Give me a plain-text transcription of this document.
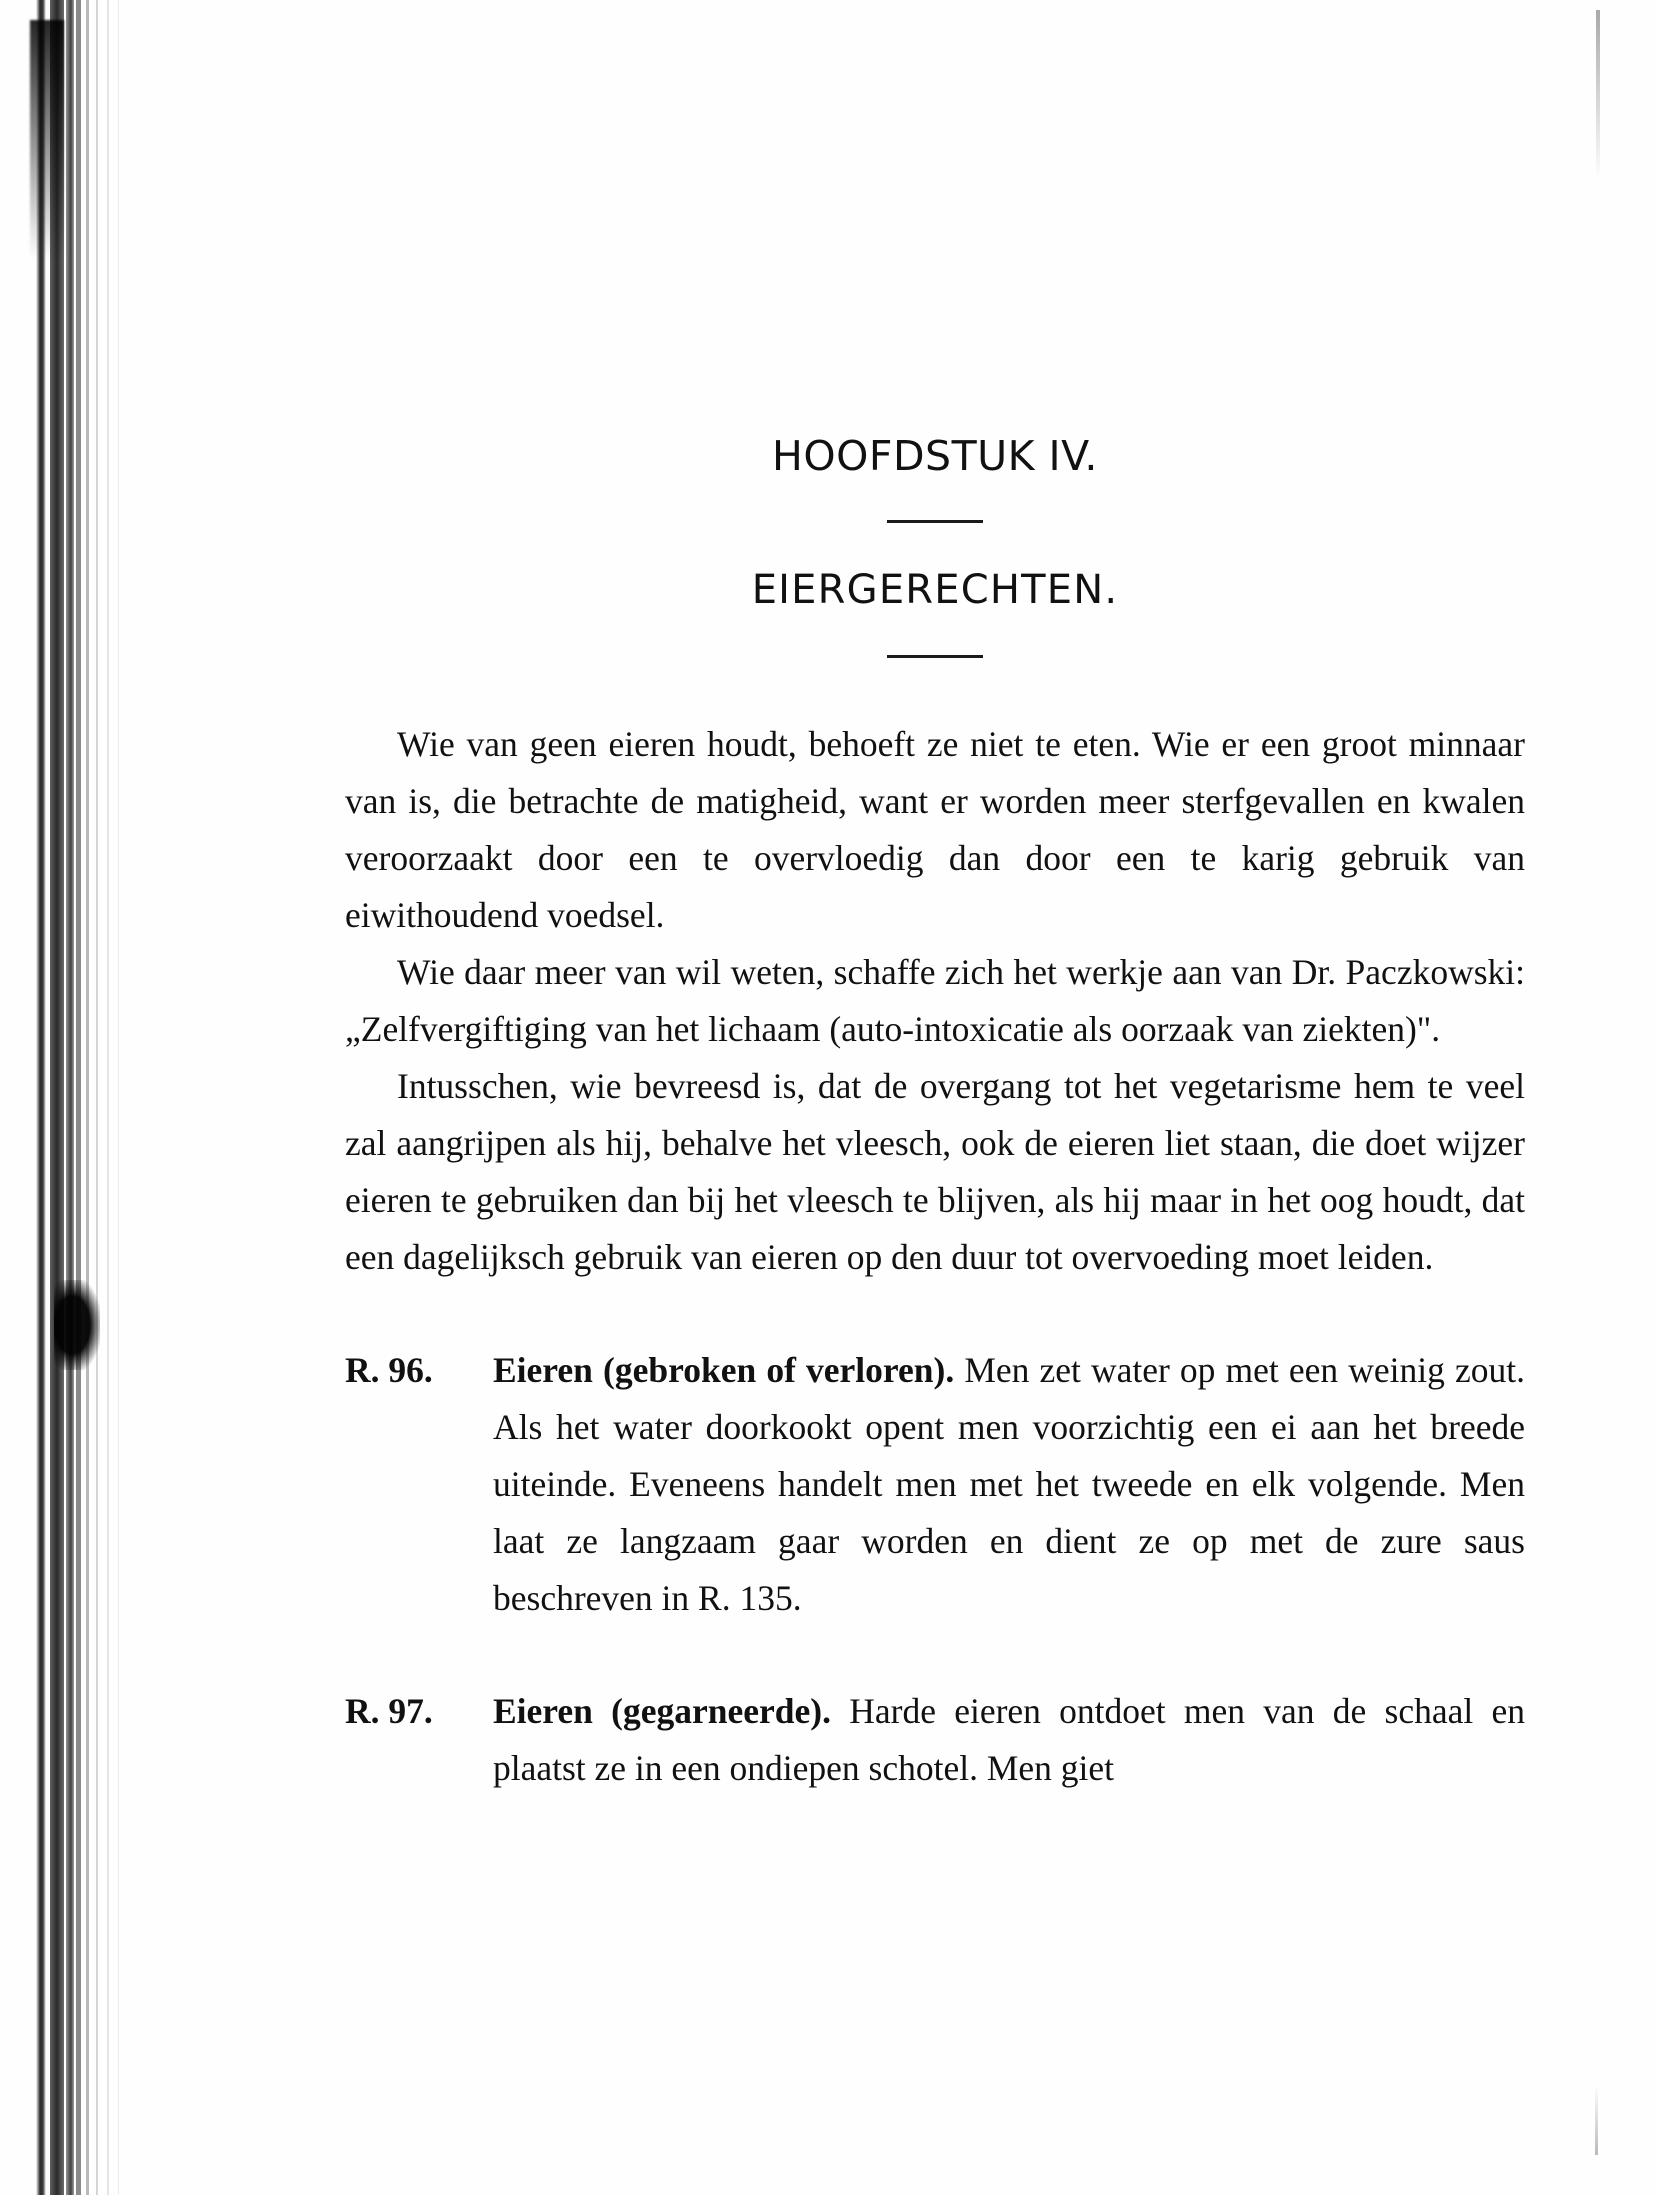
HOOFDSTUK IV.
EIERGERECHTEN.

Wie van geen eieren houdt, behoeft ze niet te eten. Wie er een groot minnaar van is, die betrachte de matigheid, want er worden meer sterfgevallen en kwalen veroorzaakt door een te overvloedig dan door een te karig gebruik van eiwithoudend voedsel.

Wie daar meer van wil weten, schaffe zich het werkje aan van Dr. Paczkowski: „Zelfvergiftiging van het lichaam (auto-intoxicatie als oorzaak van ziekten)".

Intusschen, wie bevreesd is, dat de overgang tot het vegetarisme hem te veel zal aangrijpen als hij, behalve het vleesch, ook de eieren liet staan, die doet wijzer eieren te gebruiken dan bij het vleesch te blijven, als hij maar in het oog houdt, dat een dagelijksch gebruik van eieren op den duur tot overvoeding moet leiden.

R. 96.	Eieren (gebroken of verloren). Men zet water op met een weinig zout. Als het water doorkookt opent men voorzichtig een ei aan het breede uiteinde. Eveneens handelt men met het tweede en elk volgende. Men laat ze langzaam gaar worden en dient ze op met de zure saus beschreven in R. 135.
R. 97.	Eieren (gegarneerde). Harde eieren ontdoet men van de schaal en plaatst ze in een ondiepen schotel. Men giet
